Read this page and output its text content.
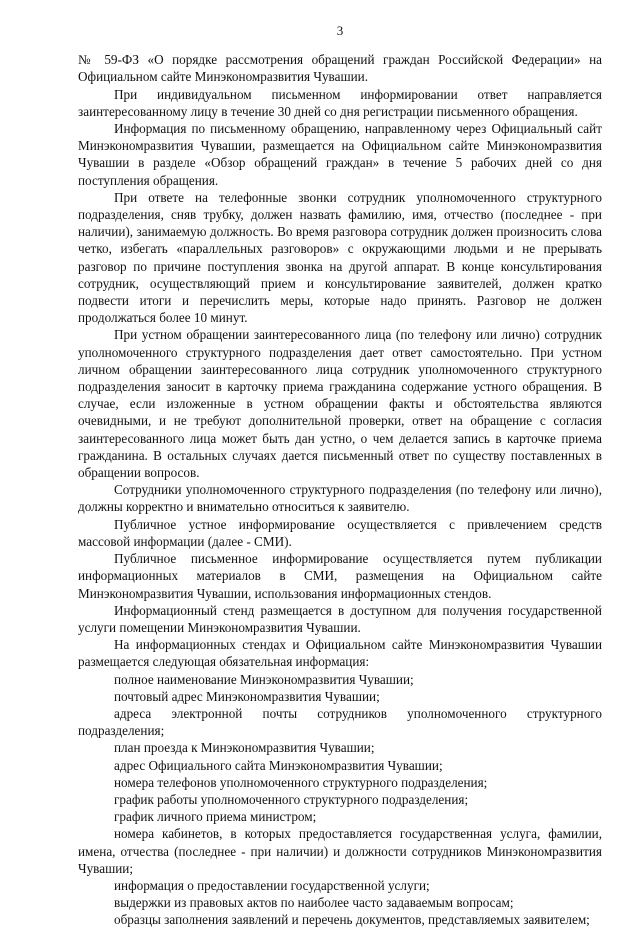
3

№ 59-ФЗ «О порядке рассмотрения обращений граждан Российской Федерации» на Официальном сайте Минэкономразвития Чувашии.

При индивидуальном письменном информировании ответ направляется заинтересованному лицу в течение 30 дней со дня регистрации письменного обращения.

Информация по письменному обращению, направленному через Официальный сайт Минэкономразвития Чувашии, размещается на Официальном сайте Минэкономразвития Чувашии в разделе «Обзор обращений граждан» в течение 5 рабочих дней со дня поступления обращения.

При ответе на телефонные звонки сотрудник уполномоченного структурного подразделения, сняв трубку, должен назвать фамилию, имя, отчество (последнее - при наличии), занимаемую должность. Во время разговора сотрудник должен произносить слова четко, избегать «параллельных разговоров» с окружающими людьми и не прерывать разговор по причине поступления звонка на другой аппарат. В конце консультирования сотрудник, осуществляющий прием и консультирование заявителей, должен кратко подвести итоги и перечислить меры, которые надо принять. Разговор не должен продолжаться более 10 минут.

При устном обращении заинтересованного лица (по телефону или лично) сотрудник уполномоченного структурного подразделения дает ответ самостоятельно. При устном личном обращении заинтересованного лица сотрудник уполномоченного структурного подразделения заносит в карточку приема гражданина содержание устного обращения. В случае, если изложенные в устном обращении факты и обстоятельства являются очевидными, и не требуют дополнительной проверки, ответ на обращение с согласия заинтересованного лица может быть дан устно, о чем делается запись в карточке приема гражданина. В остальных случаях дается письменный ответ по существу поставленных в обращении вопросов.

Сотрудники уполномоченного структурного подразделения (по телефону или лично), должны корректно и внимательно относиться к заявителю.

Публичное устное информирование осуществляется с привлечением средств массовой информации (далее - СМИ).

Публичное письменное информирование осуществляется путем публикации информационных материалов в СМИ, размещения на Официальном сайте Минэкономразвития Чувашии, использования информационных стендов.

Информационный стенд размещается в доступном для получения государственной услуги помещении Минэкономразвития Чувашии.

На информационных стендах и Официальном сайте Минэкономразвития Чувашии размещается следующая обязательная информация:

полное наименование Минэкономразвития Чувашии;

почтовый адрес Минэкономразвития Чувашии;

адреса электронной почты сотрудников уполномоченного структурного подразделения;

план проезда к Минэкономразвития Чувашии;

адрес Официального сайта Минэкономразвития Чувашии;

номера телефонов уполномоченного структурного подразделения;

график работы уполномоченного структурного подразделения;

график личного приема министром;

номера кабинетов, в которых предоставляется государственная услуга, фамилии, имена, отчества (последнее - при наличии) и должности сотрудников Минэкономразвития Чувашии;

информация о предоставлении государственной услуги;

выдержки из правовых актов по наиболее часто задаваемым вопросам;

образцы заполнения заявлений и перечень документов, представляемых заявителем;
